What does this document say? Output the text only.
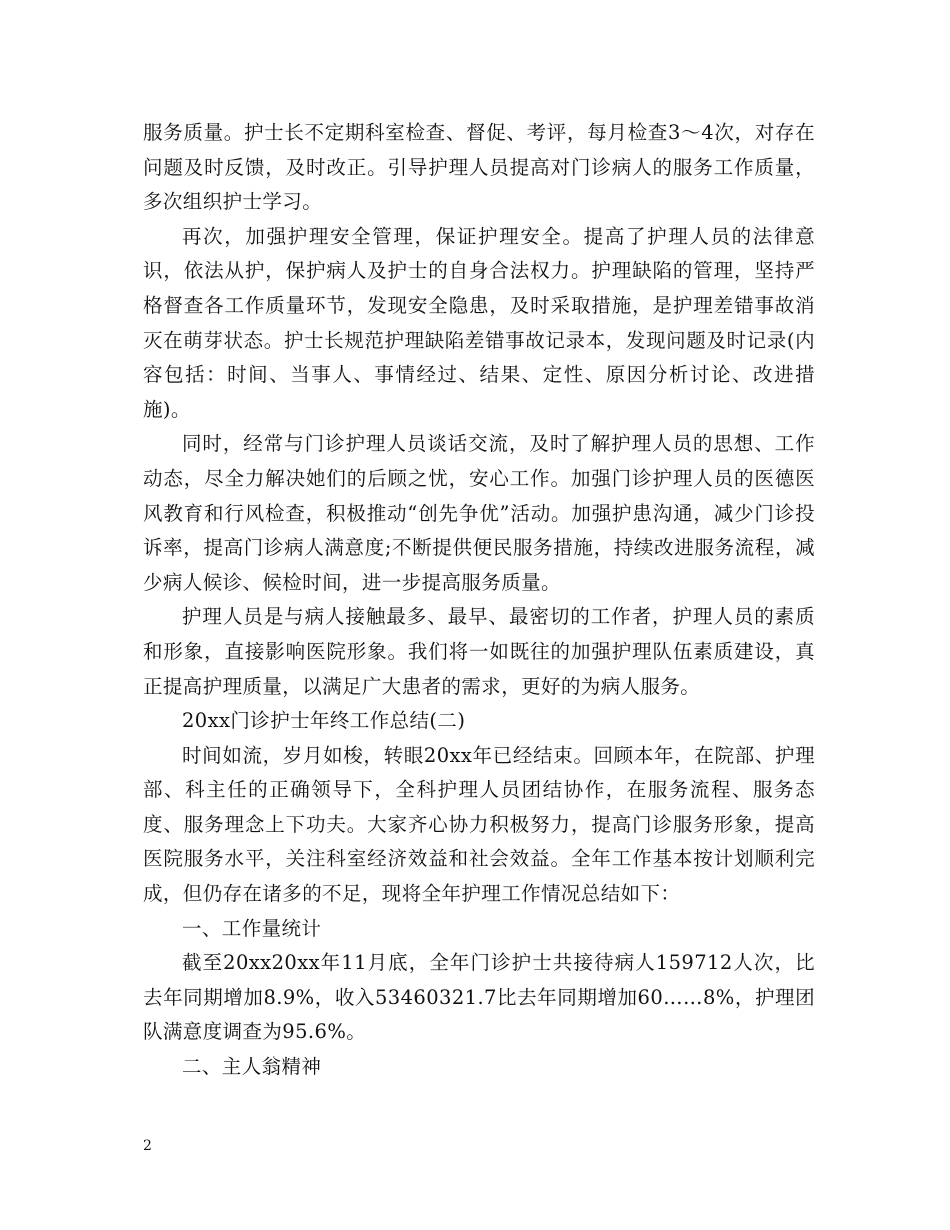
服务质量。护士长不定期科室检查、督促、考评，每月检查3～4次，对存在问题及时反馈，及时改正。引导护理人员提高对门诊病人的服务工作质量，多次组织护士学习。

再次，加强护理安全管理，保证护理安全。提高了护理人员的法律意识，依法从护，保护病人及护士的自身合法权力。护理缺陷的管理，坚持严格督查各工作质量环节，发现安全隐患，及时采取措施，是护理差错事故消灭在萌芽状态。护士长规范护理缺陷差错事故记录本，发现问题及时记录(内容包括：时间、当事人、事情经过、结果、定性、原因分析讨论、改进措施)。

同时，经常与门诊护理人员谈话交流，及时了解护理人员的思想、工作动态，尽全力解决她们的后顾之忧，安心工作。加强门诊护理人员的医德医风教育和行风检查，积极推动“创先争优”活动。加强护患沟通，减少门诊投诉率，提高门诊病人满意度;不断提供便民服务措施，持续改进服务流程，减少病人候诊、候检时间，进一步提高服务质量。

护理人员是与病人接触最多、最早、最密切的工作者，护理人员的素质和形象，直接影响医院形象。我们将一如既往的加强护理队伍素质建设，真正提高护理质量，以满足广大患者的需求，更好的为病人服务。

20xx门诊护士年终工作总结(二)

时间如流，岁月如梭，转眼20xx年已经结束。回顾本年，在院部、护理部、科主任的正确领导下，全科护理人员团结协作，在服务流程、服务态度、服务理念上下功夫。大家齐心协力积极努力，提高门诊服务形象，提高医院服务水平，关注科室经济效益和社会效益。全年工作基本按计划顺利完成，但仍存在诸多的不足，现将全年护理工作情况总结如下：

一、工作量统计

截至20xx20xx年11月底，全年门诊护士共接待病人159712人次，比去年同期增加8.9%，收入53460321.7比去年同期增加60……8%，护理团队满意度调查为95.6%。

二、主人翁精神

2
